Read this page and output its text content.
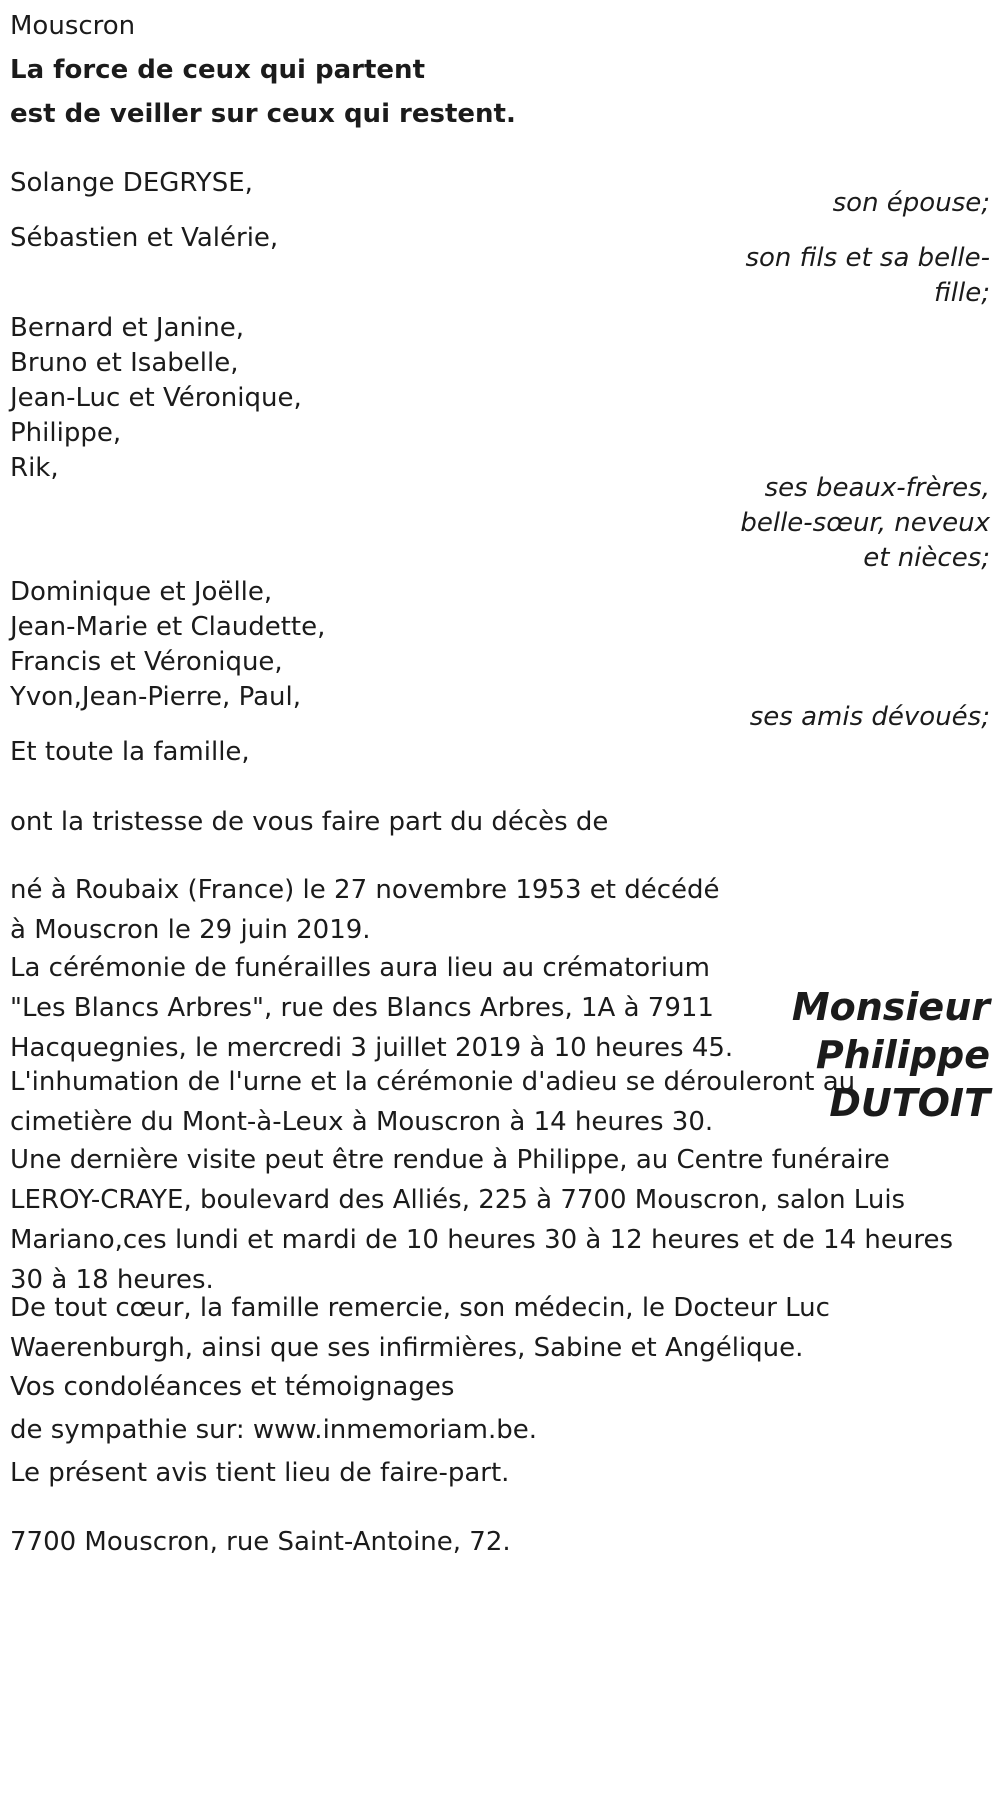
Mouscron
La force de ceux qui partent
est de veiller sur ceux qui restent.
Solange DEGRYSE,
son épouse;
Sébastien et Valérie,
son fils et sa belle-
fille;
Bernard et Janine,
Bruno et Isabelle,
Jean-Luc et Véronique,
Philippe,
Rik,
ses beaux-frères,
belle-sœur, neveux
et nièces;
Dominique et Joëlle,
Jean-Marie et Claudette,
Francis et Véronique,
Yvon,Jean-Pierre, Paul,
ses amis dévoués;
Et toute la famille,
ont la tristesse de vous faire part du décès de
Monsieur
Philippe
DUTOIT
né à Roubaix (France) le 27 novembre 1953 et décédé
à Mouscron le 29 juin 2019.
La cérémonie de funérailles aura lieu au crématorium
"Les Blancs Arbres", rue des Blancs Arbres, 1A à 7911
Hacquegnies, le mercredi 3 juillet 2019 à 10 heures 45.
L'inhumation de l'urne et la cérémonie d'adieu se dérouleront au
cimetière du Mont-à-Leux à Mouscron à 14 heures 30.
Une dernière visite peut être rendue à Philippe, au Centre funéraire
LEROY-CRAYE, boulevard des Alliés, 225 à 7700 Mouscron, salon Luis
Mariano,ces lundi et mardi de 10 heures 30 à 12 heures et de 14 heures
30 à 18 heures.
De tout cœur, la famille remercie, son médecin, le Docteur Luc
Waerenburgh, ainsi que ses infirmières, Sabine et Angélique.
Vos condoléances et témoignages
de sympathie sur: www.inmemoriam.be.
Le présent avis tient lieu de faire-part.
7700 Mouscron, rue Saint-Antoine, 72.
